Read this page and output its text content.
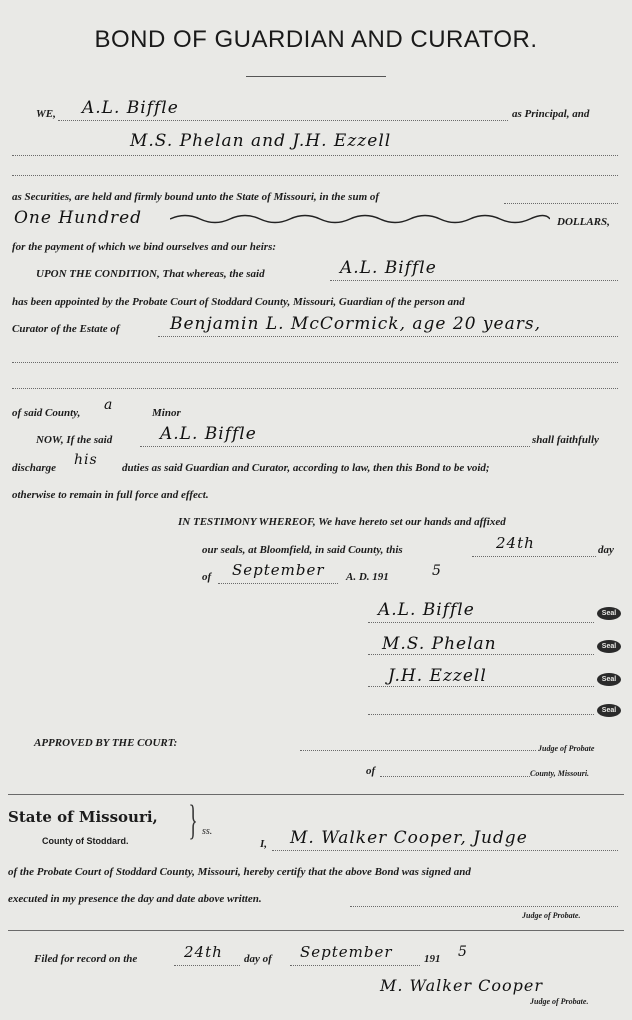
BOND OF GUARDIAN AND CURATOR.
WE, A.L. Biffle	as Principal, and
M.S. Phelan and J.H. Ezzell
as Securities, are held and firmly bound unto the State of Missouri, in the sum of
One Hundred	DOLLARS,
for the payment of which we bind ourselves and our heirs:
UPON THE CONDITION, That whereas, the said	A.L. Biffle
has been appointed by the Probate Court of Stoddard County, Missouri, Guardian of the person and
Curator of the Estate of	Benjamin L. McCormick, age 20 years,
of said County, a	Minor
NOW, If the said	A.L. Biffle	shall faithfully
discharge his duties as said Guardian and Curator, according to law, then this Bond to be void;
otherwise to remain in full force and effect.
IN TESTIMONY WHEREOF, We have hereto set our hands and affixed
our seals, at Bloomfield, in said County, this	24th	day
of September A. D. 191	5
A.L. Biffle	Seal
M.S. Phelan	Seal
J.H. Ezzell	Seal
Seal
APPROVED BY THE COURT:	Judge of Probate
of	County, Missouri.
State of Missouri, } ss.
County of Stoddard.	I, M. Walker Cooper, Judge
of the Probate Court of Stoddard County, Missouri, hereby certify that the above Bond was signed and
executed in my presence the day and date above written.
Judge of Probate.
Filed for record on the	24th day of September	191 5
M. Walker Cooper
Judge of Probate.
